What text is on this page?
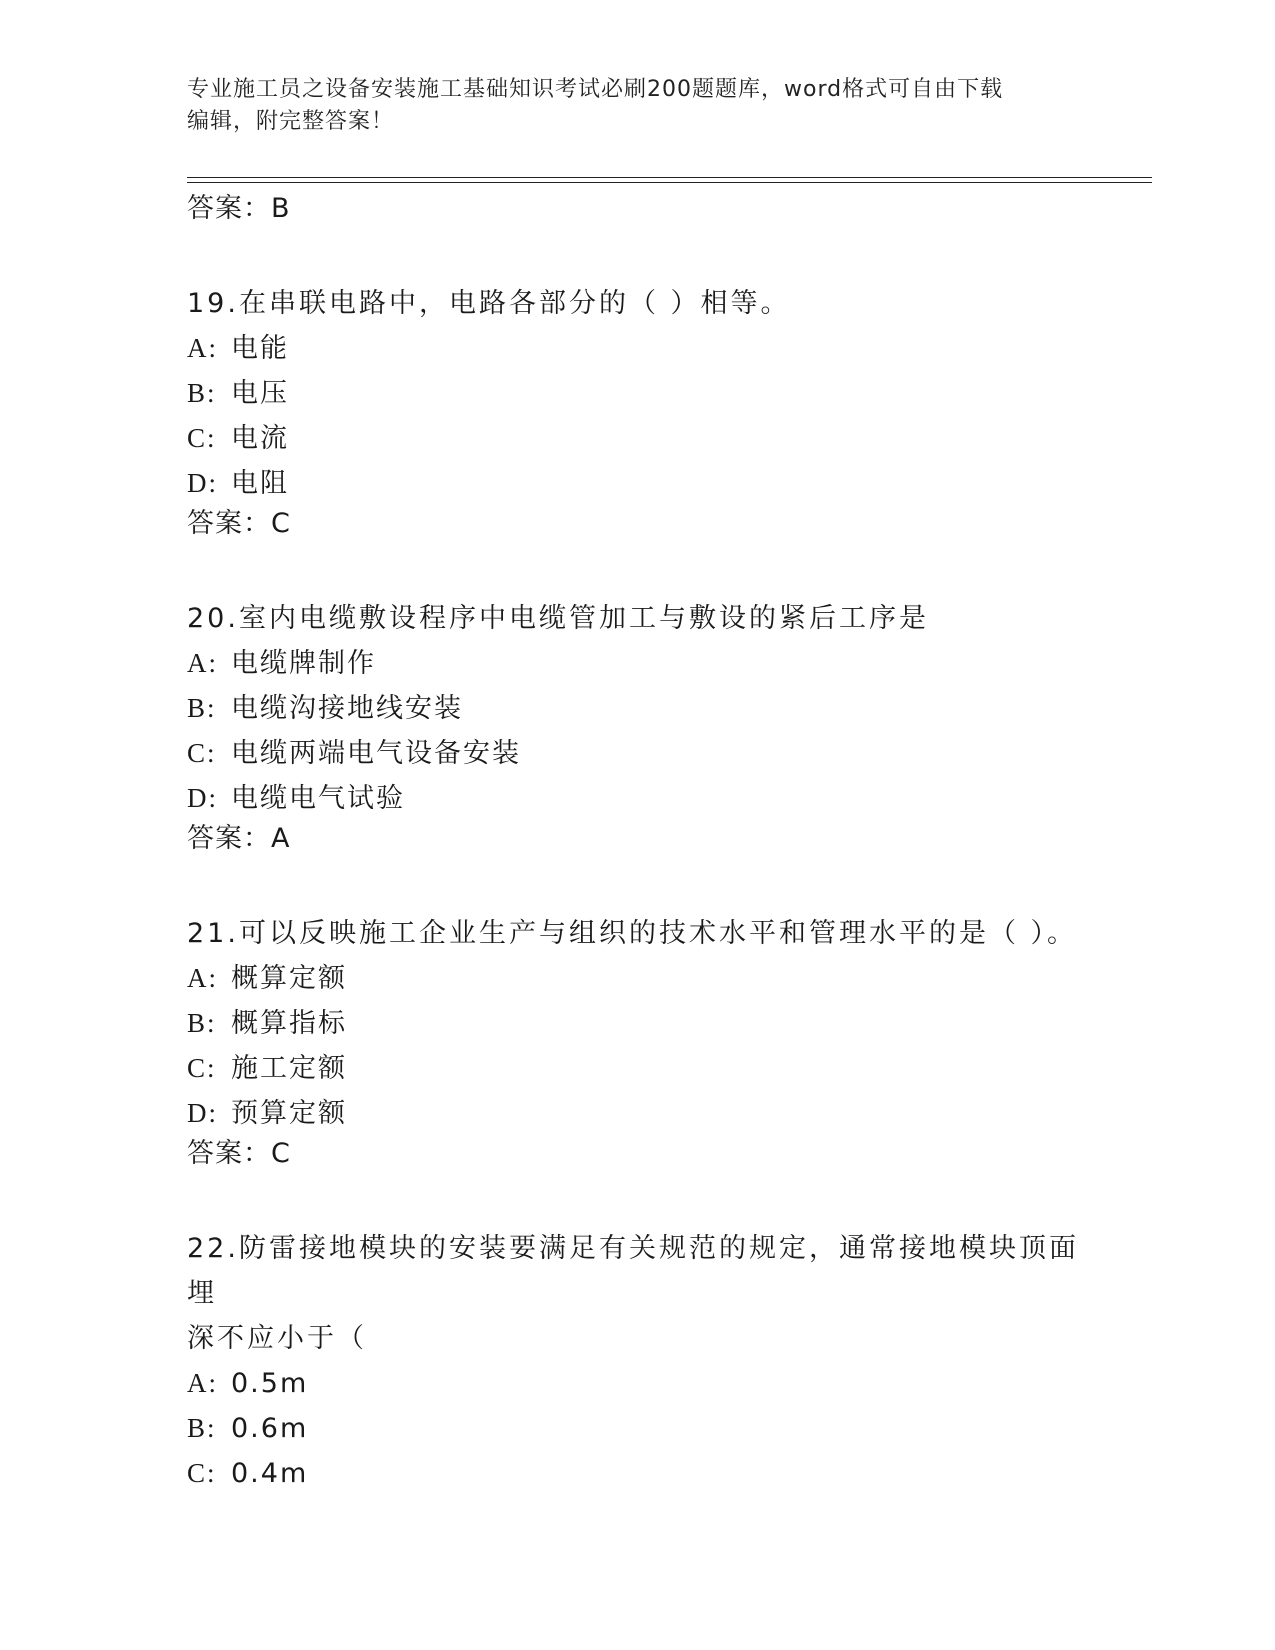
专业施工员之设备安装施工基础知识考试必刷200题题库，word格式可自由下载
编辑，附完整答案！
答案：B
19.在串联电路中，电路各部分的（ ）相等。
A: 电能
B: 电压
C: 电流
D: 电阻
答案：C
20.室内电缆敷设程序中电缆管加工与敷设的紧后工序是
A: 电缆牌制作
B: 电缆沟接地线安装
C: 电缆两端电气设备安装
D: 电缆电气试验
答案：A
21.可以反映施工企业生产与组织的技术水平和管理水平的是（ ）。
A: 概算定额
B: 概算指标
C: 施工定额
D: 预算定额
答案：C
22.防雷接地模块的安装要满足有关规范的规定，通常接地模块顶面埋
深不应小于（
A: 0.5m
B: 0.6m
C: 0.4m
